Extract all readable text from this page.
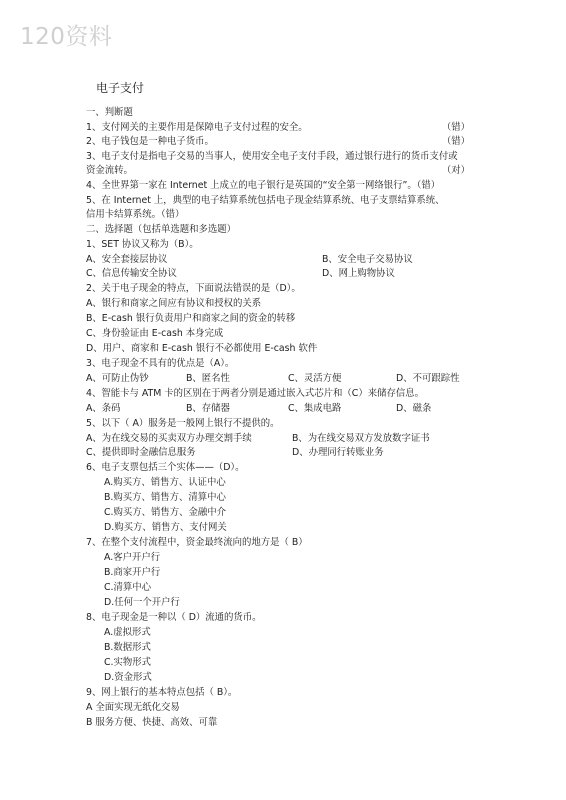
120资料
电子支付
一、判断题
1、支付网关的主要作用是保障电子支付过程的安全。	（错）
2、电子钱包是一种电子货币。	（错）
3、电子支付是指电子交易的当事人，使用安全电子支付手段，通过银行进行的货币支付或
资金流转。	（对）
4、全世界第一家在 Internet 上成立的电子银行是英国的“安全第一网络银行”。（错）
5、在 Internet 上，典型的电子结算系统包括电子现金结算系统、电子支票结算系统、
信用卡结算系统。（错）
二、选择题（包括单选题和多选题）
1、SET 协议又称为（B）。
A、安全套接层协议	B、安全电子交易协议
C、信息传输安全协议	D、网上购物协议
2、关于电子现金的特点，下面说法错误的是（D）。
A、银行和商家之间应有协议和授权的关系
B、E-cash 银行负责用户和商家之间的资金的转移
C、身份验证由 E-cash 本身完成
D、用户、商家和 E-cash 银行不必都使用 E-cash 软件
3、电子现金不具有的优点是（A）。
A、可防止伪钞	B、匿名性	C、灵活方便	D、不可跟踪性
4、智能卡与 ATM 卡的区别在于两者分别是通过嵌入式芯片和（C）来储存信息。
A、条码	B、存储器	C、集成电路	D、磁条
5、以下（ A）服务是一般网上银行不提供的。
A、为在线交易的买卖双方办理交割手续	B、为在线交易双方发放数字证书
C、提供即时金融信息服务	D、办理同行转账业务
6、电子支票包括三个实体——（D）。
A.购买方、销售方、认证中心
B.购买方、销售方、清算中心
C.购买方、销售方、金融中介
D.购买方、销售方、支付网关
7、在整个支付流程中，资金最终流向的地方是（ B）
A.客户开户行
B.商家开户行
C.清算中心
D.任何一个开户行
8、电子现金是一种以（ D）流通的货币。
A.虚拟形式
B.数据形式
C.实物形式
D.资金形式
9、网上银行的基本特点包括（ B）。
A 全面实现无纸化交易
B 服务方便、快捷、高效、可靠
